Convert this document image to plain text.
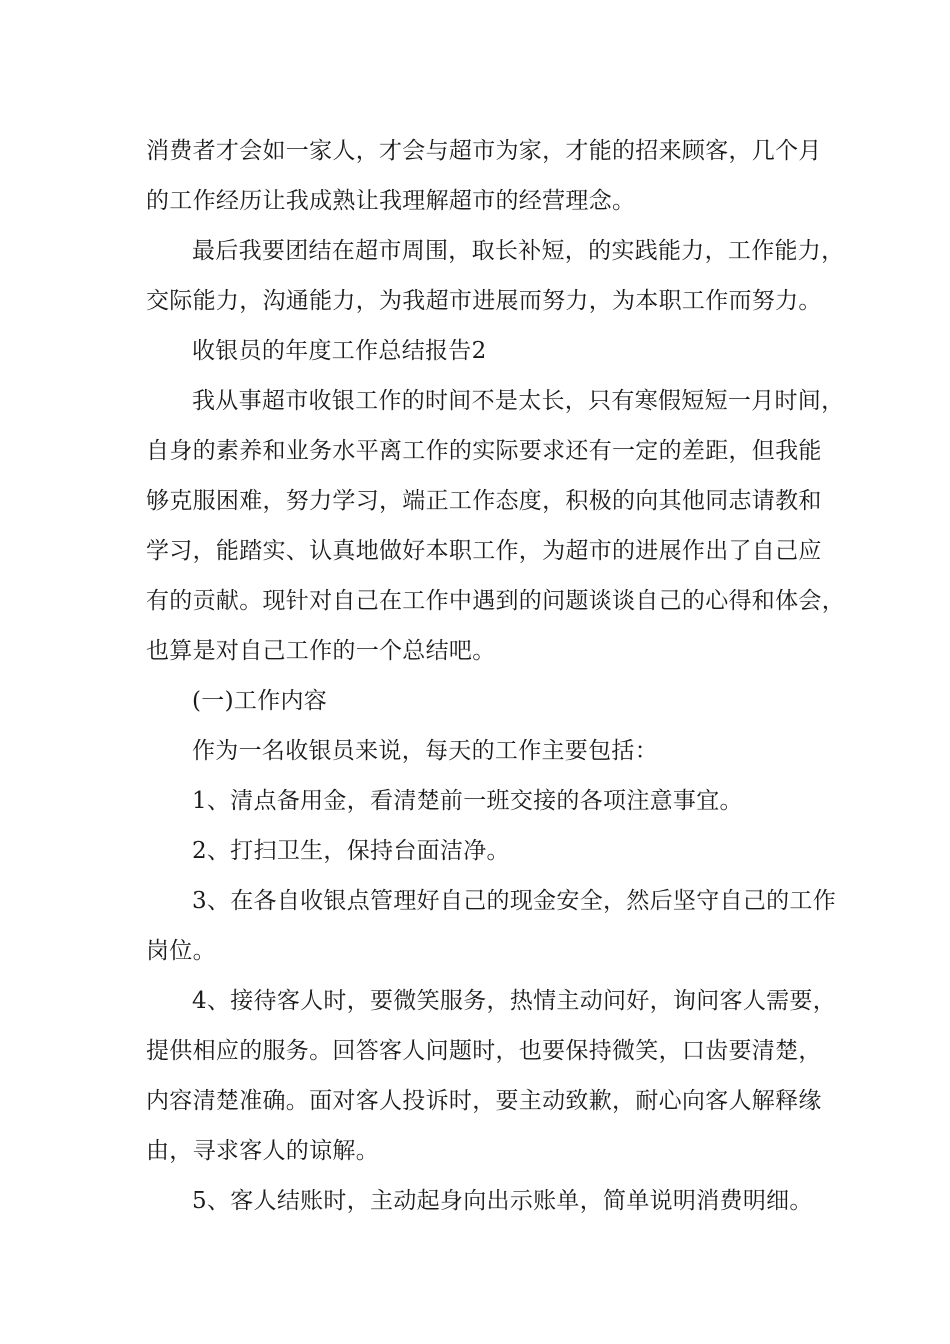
消费者才会如一家人，才会与超市为家，才能的招来顾客，几个月
的工作经历让我成熟让我理解超市的经营理念。
最后我要团结在超市周围，取长补短，的实践能力，工作能力，
交际能力，沟通能力，为我超市进展而努力，为本职工作而努力。
收银员的年度工作总结报告2
我从事超市收银工作的时间不是太长，只有寒假短短一月时间，
自身的素养和业务水平离工作的实际要求还有一定的差距，但我能
够克服困难，努力学习，端正工作态度，积极的向其他同志请教和
学习，能踏实、认真地做好本职工作，为超市的进展作出了自己应
有的贡献。现针对自己在工作中遇到的问题谈谈自己的心得和体会，
也算是对自己工作的一个总结吧。
(一)工作内容
作为一名收银员来说，每天的工作主要包括：
1、清点备用金，看清楚前一班交接的各项注意事宜。
2、打扫卫生，保持台面洁净。
3、在各自收银点管理好自己的现金安全，然后坚守自己的工作
岗位。
4、接待客人时，要微笑服务，热情主动问好，询问客人需要，
提供相应的服务。回答客人问题时，也要保持微笑，口齿要清楚，
内容清楚准确。面对客人投诉时，要主动致歉，耐心向客人解释缘
由，寻求客人的谅解。
5、客人结账时，主动起身向出示账单，简单说明消费明细。
